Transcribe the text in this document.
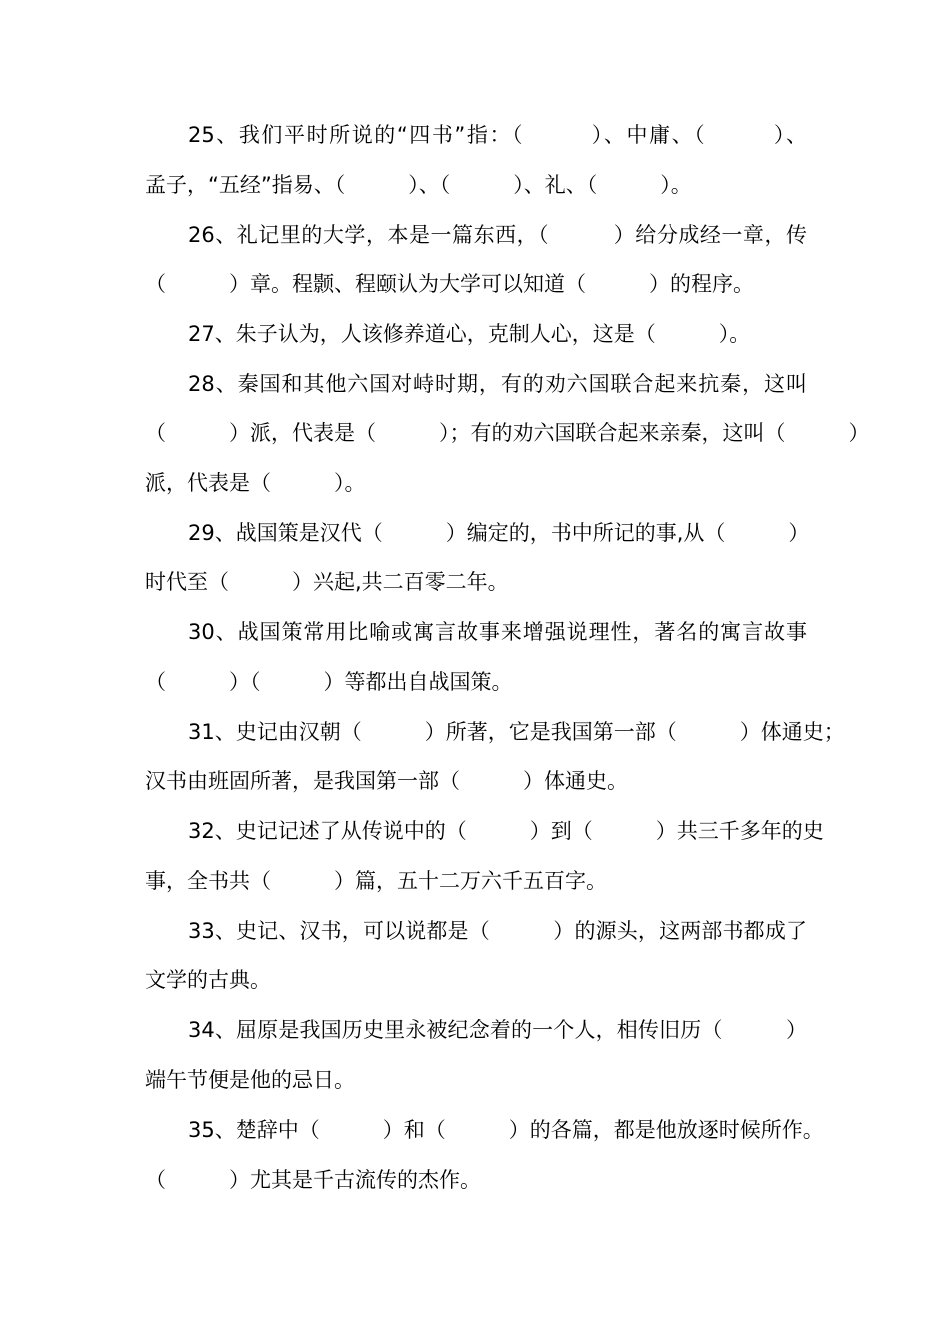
25、我们平时所说的“四书”指：（　　　）、中庸、（　　　）、
孟子，“五经”指易、（　　　）、（　　　）、礼、（　　　）。
26、礼记里的大学，本是一篇东西，（　　　）给分成经一章，传
（　　　）章。程颢、程颐认为大学可以知道（　　　）的程序。
27、朱子认为，人该修养道心，克制人心，这是（　　　）。
28、秦国和其他六国对峙时期，有的劝六国联合起来抗秦，这叫
（　　　）派，代表是（　　　）；有的劝六国联合起来亲秦，这叫（　　　）
派，代表是（　　　）。
29、战国策是汉代（　　　）编定的，书中所记的事,从（　　　）
时代至（　　　）兴起,共二百零二年。
30、战国策常用比喻或寓言故事来增强说理性，著名的寓言故事
（　　　）（　　　）等都出自战国策。
31、史记由汉朝（　　　）所著，它是我国第一部（　　　）体通史；
汉书由班固所著，是我国第一部（　　　）体通史。
32、史记记述了从传说中的（　　　）到（　　　）共三千多年的史
事，全书共（　　　）篇，五十二万六千五百字。
33、史记、汉书，可以说都是（　　　）的源头，这两部书都成了
文学的古典。
34、屈原是我国历史里永被纪念着的一个人，相传旧历（　　　）
端午节便是他的忌日。
35、楚辞中（　　　）和（　　　）的各篇，都是他放逐时候所作。
（　　　）尤其是千古流传的杰作。
